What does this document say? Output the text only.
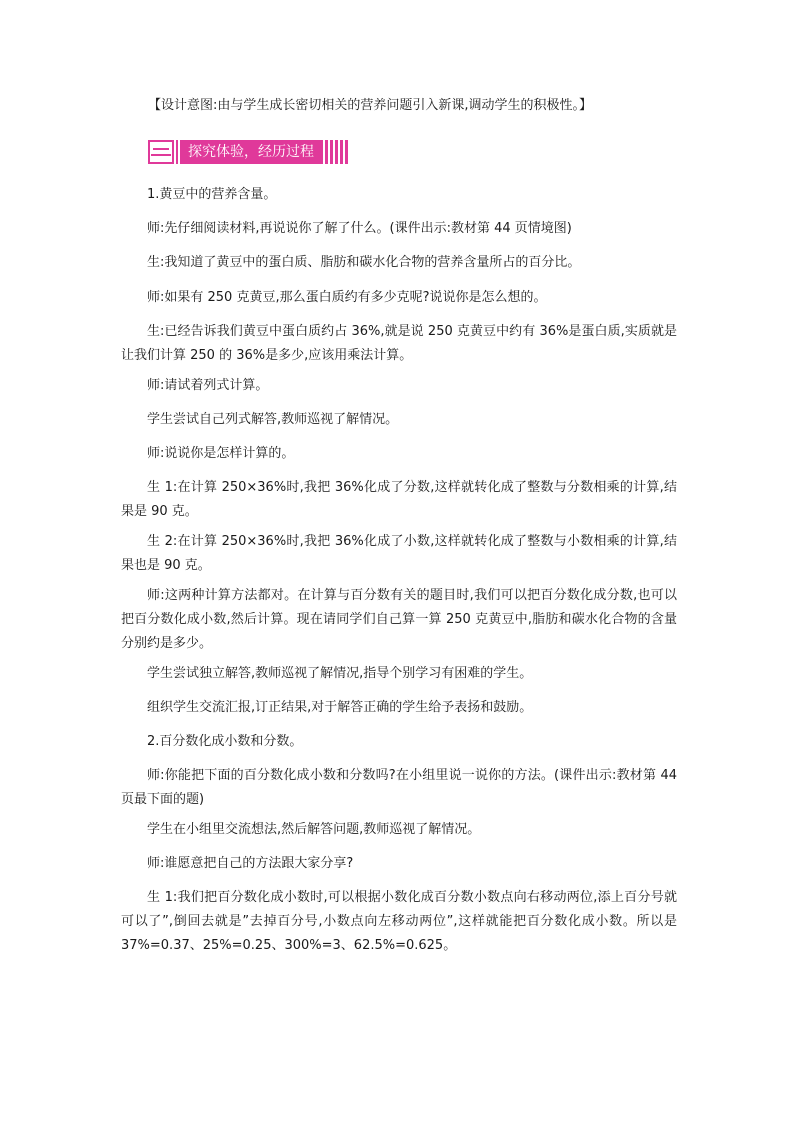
【设计意图:由与学生成长密切相关的营养问题引入新课,调动学生的积极性。】

探究体验，经历过程

1.黄豆中的营养含量。

师:先仔细阅读材料,再说说你了解了什么。(课件出示:教材第 44 页情境图)

生:我知道了黄豆中的蛋白质、脂肪和碳水化合物的营养含量所占的百分比。

师:如果有 250 克黄豆,那么蛋白质约有多少克呢?说说你是怎么想的。

生:已经告诉我们黄豆中蛋白质约占 36%,就是说 250 克黄豆中约有 36%是蛋白质,实质就是让我们计算 250 的 36%是多少,应该用乘法计算。

师:请试着列式计算。

学生尝试自己列式解答,教师巡视了解情况。

师:说说你是怎样计算的。

生 1:在计算 250×36%时,我把 36%化成了分数,这样就转化成了整数与分数相乘的计算,结果是 90 克。

生 2:在计算 250×36%时,我把 36%化成了小数,这样就转化成了整数与小数相乘的计算,结果也是 90 克。

师:这两种计算方法都对。在计算与百分数有关的题目时,我们可以把百分数化成分数,也可以把百分数化成小数,然后计算。现在请同学们自己算一算 250 克黄豆中,脂肪和碳水化合物的含量分别约是多少。

学生尝试独立解答,教师巡视了解情况,指导个别学习有困难的学生。

组织学生交流汇报,订正结果,对于解答正确的学生给予表扬和鼓励。

2.百分数化成小数和分数。

师:你能把下面的百分数化成小数和分数吗?在小组里说一说你的方法。(课件出示:教材第 44 页最下面的题)

学生在小组里交流想法,然后解答问题,教师巡视了解情况。

师:谁愿意把自己的方法跟大家分享?

生 1:我们把百分数化成小数时,可以根据小数化成百分数小数点向右移动两位,添上百分号就可以了”,倒回去就是”去掉百分号,小数点向左移动两位”,这样就能把百分数化成小数。所以是 37%=0.37、25%=0.25、300%=3、62.5%=0.625。
